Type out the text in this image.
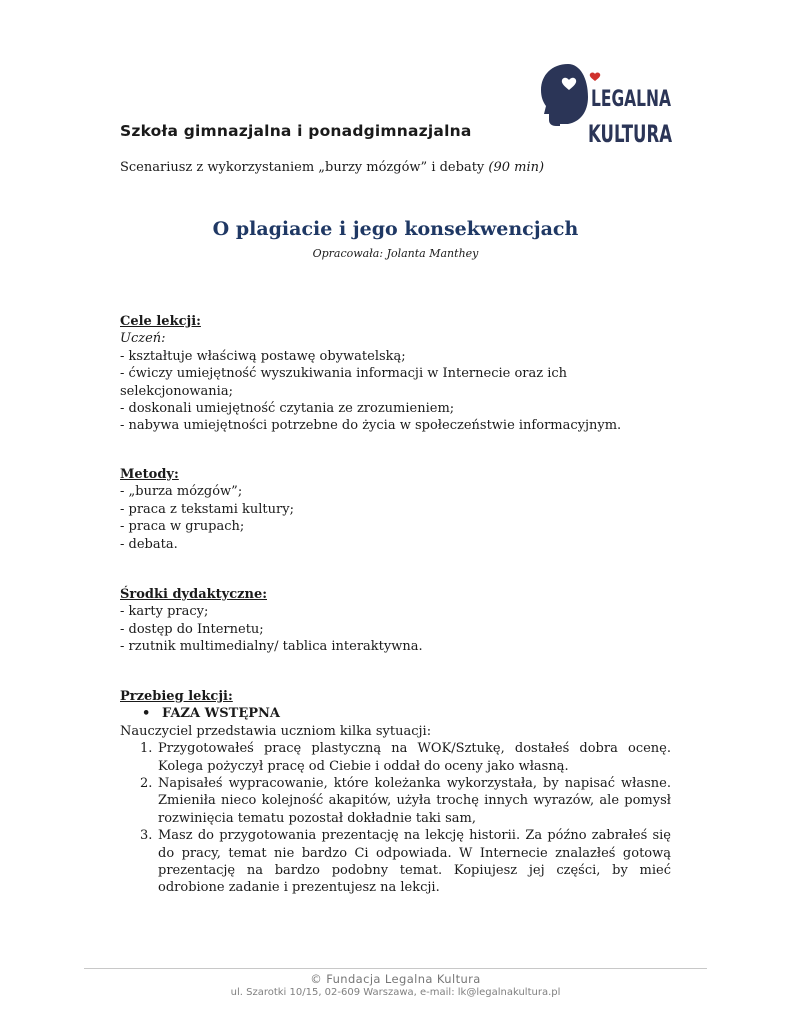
LEGALNA
KULTURA
Szkoła gimnazjalna i ponadgimnazjalna
Scenariusz z wykorzystaniem „burzy mózgów” i debaty (90 min)
O plagiacie i jego konsekwencjach
Opracowała: Jolanta Manthey
Cele lekcji:
Uczeń:
- kształtuje właściwą postawę obywatelską;
- ćwiczy umiejętność wyszukiwania informacji w Internecie oraz ich
selekcjonowania;
- doskonali umiejętność czytania ze zrozumieniem;
- nabywa umiejętności potrzebne do życia w społeczeństwie informacyjnym.
Metody:
- „burza mózgów”;
- praca z tekstami kultury;
- praca w grupach;
- debata.
Środki dydaktyczne:
- karty pracy;
- dostęp do Internetu;
- rzutnik multimedialny/ tablica interaktywna.
Przebieg lekcji:
• FAZA WSTĘPNA
Nauczyciel przedstawia uczniom kilka sytuacji:
1. Przygotowałeś pracę plastyczną na WOK/Sztukę, dostałeś dobra ocenę. Kolega pożyczył pracę od Ciebie i oddał do oceny jako własną.
2. Napisałeś wypracowanie, które koleżanka wykorzystała, by napisać własne. Zmieniła nieco kolejność akapitów, użyła trochę innych wyrazów, ale pomysł rozwinięcia tematu pozostał dokładnie taki sam,
3. Masz do przygotowania prezentację na lekcję historii. Za późno zabrałeś się do pracy, temat nie bardzo Ci odpowiada. W Internecie znalazłeś gotową prezentację na bardzo podobny temat. Kopiujesz jej części, by mieć odrobione zadanie i prezentujesz na lekcji.
© Fundacja Legalna Kultura
ul. Szarotki 10/15, 02-609 Warszawa, e-mail: lk@legalnakultura.pl
